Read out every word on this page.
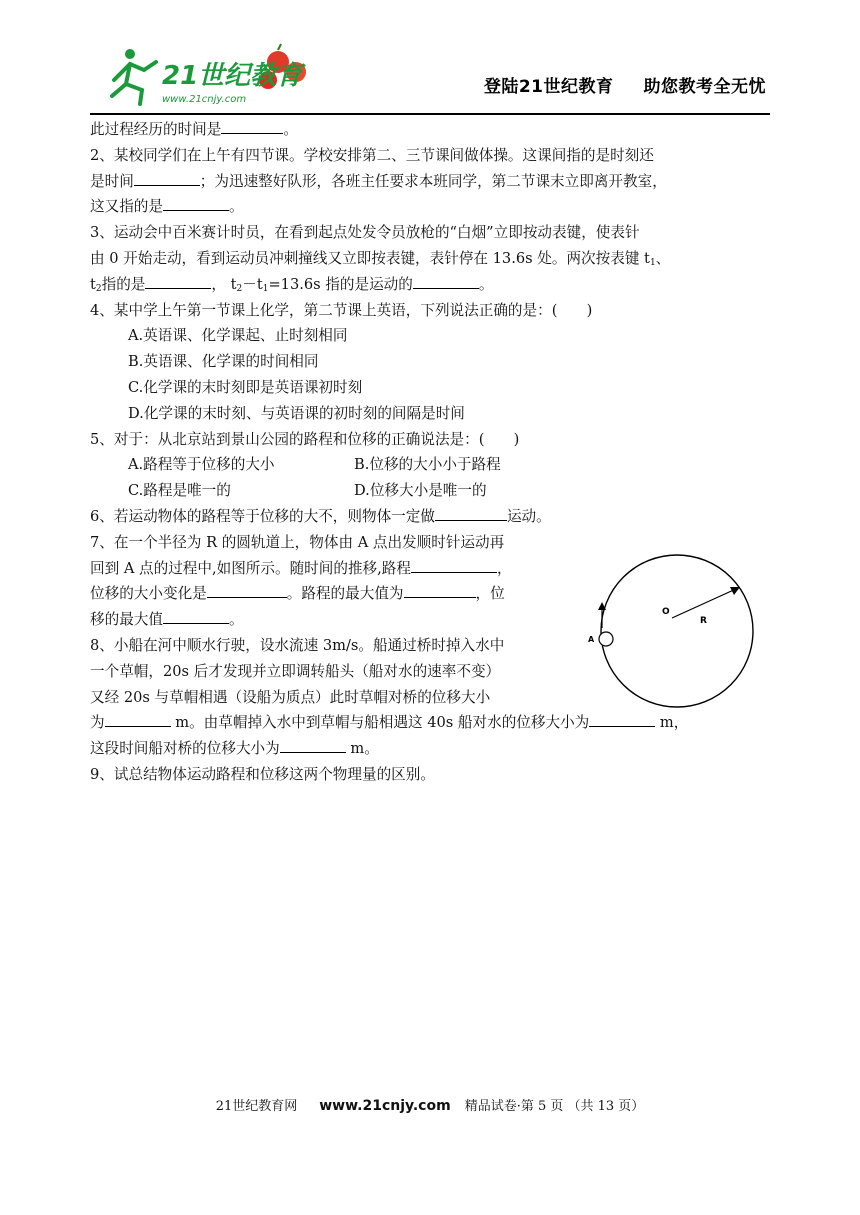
21世纪教育
www.21cnjy.com
登陆21世纪教育 助您教考全无忧
此过程经历的时间是	。
2、某校同学们在上午有四节课。学校安排第二、三节课间做体操。这课间指的是时刻还
是时间	；为迅速整好队形，各班主任要求本班同学，第二节课末立即离开教室，
这又指的是	。
3、运动会中百米赛计时员，在看到起点处发令员放枪的“白烟”立即按动表键，使表针
由 0 开始走动，看到运动员冲刺撞线又立即按表键，表针停在 13.6s 处。两次按表键 $t_1$、
$t_2$指的是	， $t_2-t_1=13.6s$ 指的是运动的	。
4、某中学上午第一节课上化学，第二节课上英语，下列说法正确的是：(　　)
A.英语课、化学课起、止时刻相同
B.英语课、化学课的时间相同
C.化学课的末时刻即是英语课初时刻
D.化学课的末时刻、与英语课的初时刻的间隔是时间
5、对于：从北京站到景山公园的路程和位移的正确说法是：(　　)
A.路程等于位移的大小	B.位移的大小小于路程
C.路程是唯一的	D.位移大小是唯一的
6、若运动物体的路程等于位移的大不，则物体一定做	运动。
7、在一个半径为 R 的圆轨道上，物体由 A 点出发顺时针运动再
回到 A 点的过程中,如图所示。随时间的推移,路程	，
位移的大小变化是	。路程的最大值为	，位
移的最大值	。
8、小船在河中顺水行驶，设水流速 3m/s。船通过桥时掉入水中
一个草帽，20s 后才发现并立即调转船头（船对水的速率不变）
又经 20s 与草帽相遇（设船为质点）此时草帽对桥的位移大小
为	m。由草帽掉入水中到草帽与船相遇这 40s 船对水的位移大小为	m，
这段时间船对桥的位移大小为	m。
9、试总结物体运动路程和位移这两个物理量的区别。
O
R
A
21世纪教育网 www.21cnjy.com 精品试卷·第 5 页 （共 13 页）
